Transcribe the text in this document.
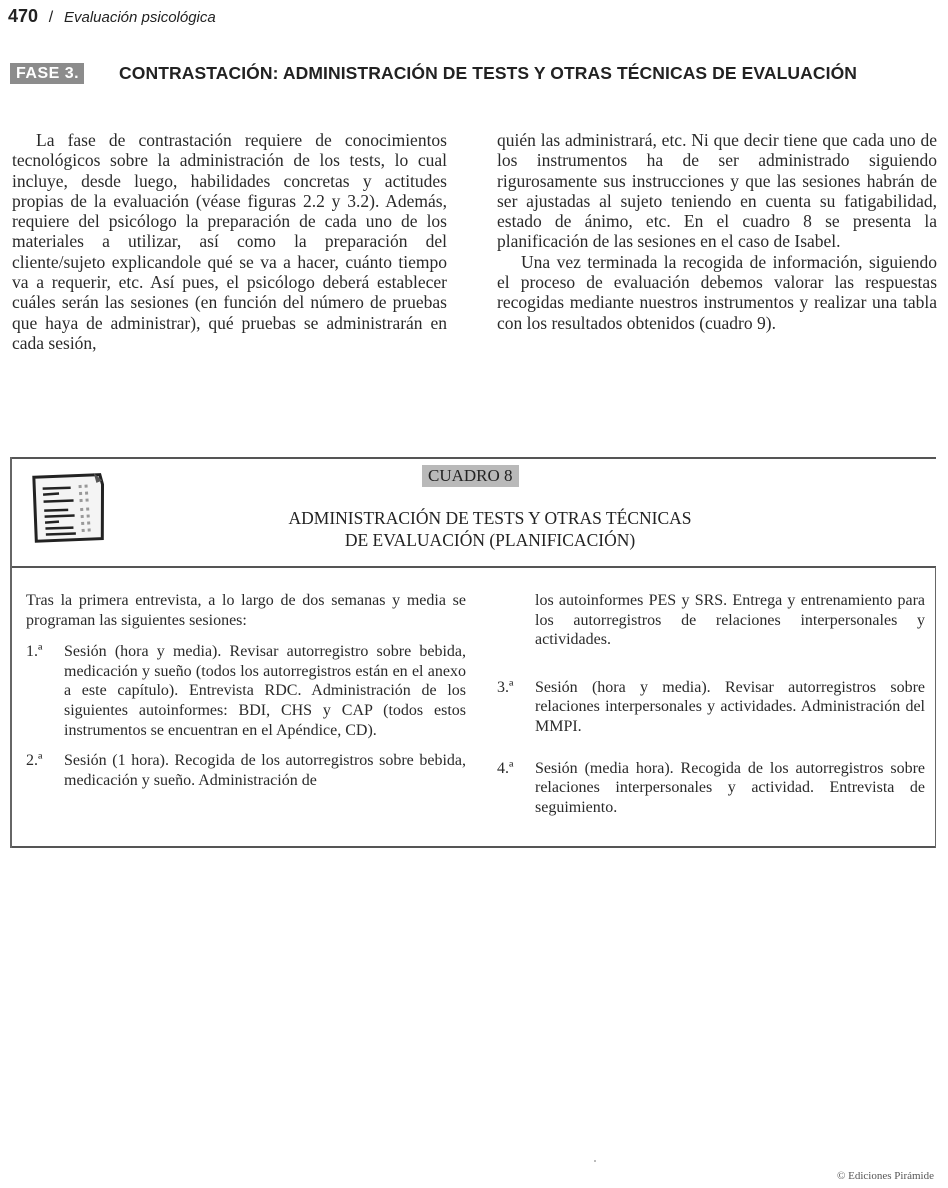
470 / Evaluación psicológica
FASE 3. CONTRASTACIÓN: ADMINISTRACIÓN DE TESTS Y OTRAS TÉCNICAS DE EVALUACIÓN

La fase de contrastación requiere de conocimientos tecnológicos sobre la administración de los tests, lo cual incluye, desde luego, habilidades concretas y actitudes propias de la evaluación (véase figuras 2.2 y 3.2). Además, requiere del psicólogo la preparación de cada uno de los materiales a utilizar, así como la preparación del cliente/sujeto explicandole qué se va a hacer, cuánto tiempo va a requerir, etc. Así pues, el psicólogo deberá establecer cuáles serán las sesiones (en función del número de pruebas que haya de administrar), qué pruebas se administrarán en cada sesión,

quién las administrará, etc. Ni que decir tiene que cada uno de los instrumentos ha de ser administrado siguiendo rigurosamente sus instrucciones y que las sesiones habrán de ser ajustadas al sujeto teniendo en cuenta su fatigabilidad, estado de ánimo, etc. En el cuadro 8 se presenta la planificación de las sesiones en el caso de Isabel.

Una vez terminada la recogida de información, siguiendo el proceso de evaluación debemos valorar las respuestas recogidas mediante nuestros instrumentos y realizar una tabla con los resultados obtenidos (cuadro 9).

CUADRO 8
ADMINISTRACIÓN DE TESTS Y OTRAS TÉCNICAS
DE EVALUACIÓN (PLANIFICACIÓN)

Tras la primera entrevista, a lo largo de dos semanas y media se programan las siguientes sesiones:

1.ª Sesión (hora y media). Revisar autorregistro sobre bebida, medicación y sueño (todos los autorregistros están en el anexo a este capítulo). Entrevista RDC. Administración de los siguientes autoinformes: BDI, CHS y CAP (todos estos instrumentos se encuentran en el Apéndice, CD).
2.ª Sesión (1 hora). Recogida de los autorregistros sobre bebida, medicación y sueño. Administración de
los autoinformes PES y SRS. Entrega y entrenamiento para los autorregistros de relaciones interpersonales y actividades.
3.ª Sesión (hora y media). Revisar autorregistros sobre relaciones interpersonales y actividades. Administración del MMPI.
4.ª Sesión (media hora). Recogida de los autorregistros sobre relaciones interpersonales y actividad. Entrevista de seguimiento.
© Ediciones Pirámide
